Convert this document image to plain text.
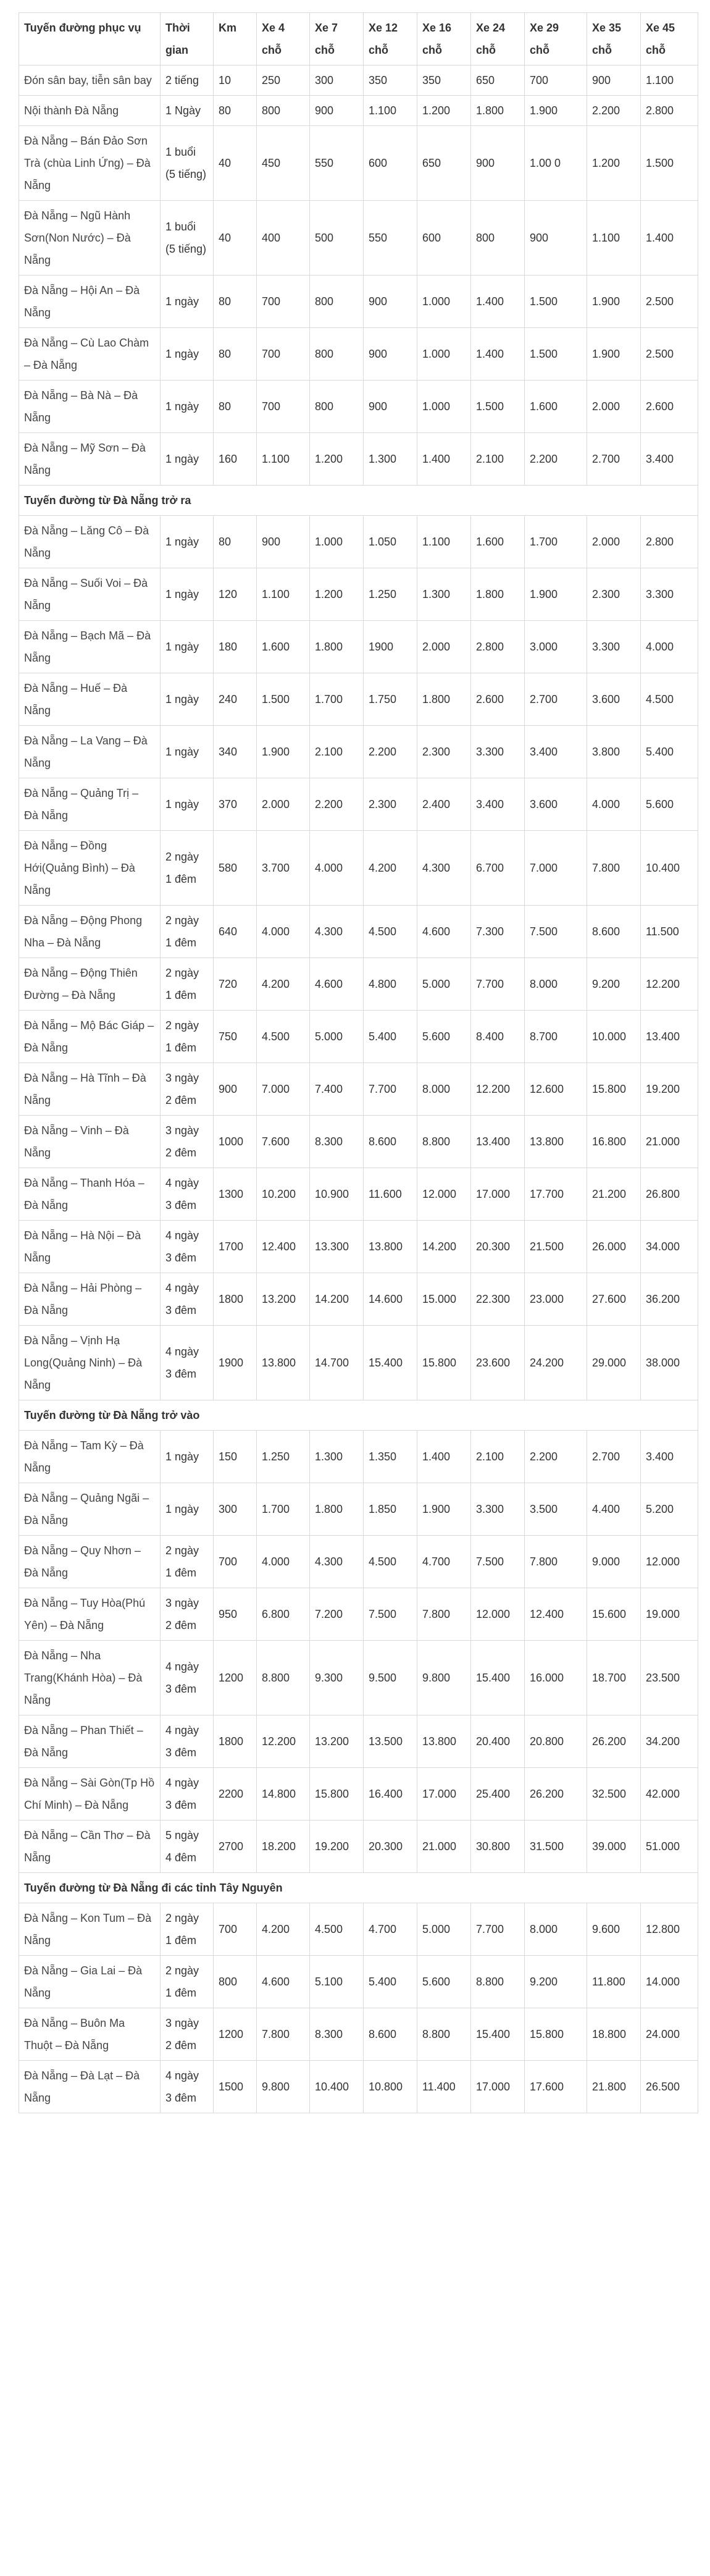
Tuyến đường phục vụ	Thời gian	Km	Xe 4 chỗ	Xe 7 chỗ	Xe 12 chỗ	Xe 16 chỗ	Xe 24 chỗ	Xe 29 chỗ	Xe 35 chỗ	Xe 45 chỗ
Đón sân bay, tiễn sân bay	2 tiếng	10	250	300	350	350	650	700	900	1.100
Nội thành Đà Nẵng	1 Ngày	80	800	900	1.100	1.200	1.800	1.900	2.200	2.800
Đà Nẵng – Bán Đảo Sơn Trà (chùa Linh Ứng) – Đà Nẵng	1 buổi (5 tiếng)	40	450	550	600	650	900	1.00 0	1.200	1.500
Đà Nẵng – Ngũ Hành Sơn(Non Nước) – Đà Nẵng	1 buổi (5 tiếng)	40	400	500	550	600	800	900	1.100	1.400
Đà Nẵng – Hội An – Đà Nẵng	1 ngày	80	700	800	900	1.000	1.400	1.500	1.900	2.500
Đà Nẵng – Cù Lao Chàm – Đà Nẵng	1 ngày	80	700	800	900	1.000	1.400	1.500	1.900	2.500
Đà Nẵng – Bà Nà – Đà Nẵng	1 ngày	80	700	800	900	1.000	1.500	1.600	2.000	2.600
Đà Nẵng – Mỹ Sơn – Đà Nẵng	1 ngày	160	1.100	1.200	1.300	1.400	2.100	2.200	2.700	3.400
Tuyến đường từ Đà Nẵng trở ra										
Đà Nẵng – Lăng Cô – Đà Nẵng	1 ngày	80	900	1.000	1.050	1.100	1.600	1.700	2.000	2.800
Đà Nẵng – Suối Voi – Đà Nẵng	1 ngày	120	1.100	1.200	1.250	1.300	1.800	1.900	2.300	3.300
Đà Nẵng – Bạch Mã – Đà Nẵng	1 ngày	180	1.600	1.800	1900	2.000	2.800	3.000	3.300	4.000
Đà Nẵng – Huế – Đà Nẵng	1 ngày	240	1.500	1.700	1.750	1.800	2.600	2.700	3.600	4.500
Đà Nẵng – La Vang – Đà Nẵng	1 ngày	340	1.900	2.100	2.200	2.300	3.300	3.400	3.800	5.400
Đà Nẵng – Quảng Trị – Đà Nẵng	1 ngày	370	2.000	2.200	2.300	2.400	3.400	3.600	4.000	5.600
Đà Nẵng – Đồng Hới(Quảng Bình) – Đà Nẵng	2 ngày 1 đêm	580	3.700	4.000	4.200	4.300	6.700	7.000	7.800	10.400
Đà Nẵng – Động Phong Nha – Đà Nẵng	2 ngày 1 đêm	640	4.000	4.300	4.500	4.600	7.300	7.500	8.600	11.500
Đà Nẵng – Động Thiên Đường – Đà Nẵng	2 ngày 1 đêm	720	4.200	4.600	4.800	5.000	7.700	8.000	9.200	12.200
Đà Nẵng – Mộ Bác Giáp – Đà Nẵng	2 ngày 1 đêm	750	4.500	5.000	5.400	5.600	8.400	8.700	10.000	13.400
Đà Nẵng – Hà Tĩnh – Đà Nẵng	3 ngày 2 đêm	900	7.000	7.400	7.700	8.000	12.200	12.600	15.800	19.200
Đà Nẵng – Vinh – Đà Nẵng	3 ngày 2 đêm	1000	7.600	8.300	8.600	8.800	13.400	13.800	16.800	21.000
Đà Nẵng – Thanh Hóa – Đà Nẵng	4 ngày 3 đêm	1300	10.200	10.900	11.600	12.000	17.000	17.700	21.200	26.800
Đà Nẵng – Hà Nội – Đà Nẵng	4 ngày 3 đêm	1700	12.400	13.300	13.800	14.200	20.300	21.500	26.000	34.000
Đà Nẵng – Hải Phòng – Đà Nẵng	4 ngày 3 đêm	1800	13.200	14.200	14.600	15.000	22.300	23.000	27.600	36.200
Đà Nẵng – Vịnh Hạ Long(Quảng Ninh) – Đà Nẵng	4 ngày 3 đêm	1900	13.800	14.700	15.400	15.800	23.600	24.200	29.000	38.000
Tuyến đường từ Đà Nẵng trở vào										
Đà Nẵng – Tam Kỳ – Đà Nẵng	1 ngày	150	1.250	1.300	1.350	1.400	2.100	2.200	2.700	3.400
Đà Nẵng – Quảng Ngãi – Đà Nẵng	1 ngày	300	1.700	1.800	1.850	1.900	3.300	3.500	4.400	5.200
Đà Nẵng – Quy Nhơn – Đà Nẵng	2 ngày 1 đêm	700	4.000	4.300	4.500	4.700	7.500	7.800	9.000	12.000
Đà Nẵng – Tuy Hòa(Phú Yên) – Đà Nẵng	3 ngày 2 đêm	950	6.800	7.200	7.500	7.800	12.000	12.400	15.600	19.000
Đà Nẵng – Nha Trang(Khánh Hòa) – Đà Nẵng	4 ngày 3 đêm	1200	8.800	9.300	9.500	9.800	15.400	16.000	18.700	23.500
Đà Nẵng – Phan Thiết – Đà Nẵng	4 ngày 3 đêm	1800	12.200	13.200	13.500	13.800	20.400	20.800	26.200	34.200
Đà Nẵng – Sài Gòn(Tp Hồ Chí Minh) – Đà Nẵng	4 ngày 3 đêm	2200	14.800	15.800	16.400	17.000	25.400	26.200	32.500	42.000
Đà Nẵng – Cần Thơ – Đà Nẵng	5 ngày 4 đêm	2700	18.200	19.200	20.300	21.000	30.800	31.500	39.000	51.000
Tuyến đường từ Đà Nẵng đi các tỉnh Tây Nguyên										
Đà Nẵng – Kon Tum – Đà Nẵng	2 ngày 1 đêm	700	4.200	4.500	4.700	5.000	7.700	8.000	9.600	12.800
Đà Nẵng – Gia Lai – Đà Nẵng	2 ngày 1 đêm	800	4.600	5.100	5.400	5.600	8.800	9.200	11.800	14.000
Đà Nẵng – Buôn Ma Thuột – Đà Nẵng	3 ngày 2 đêm	1200	7.800	8.300	8.600	8.800	15.400	15.800	18.800	24.000
Đà Nẵng – Đà Lạt – Đà Nẵng	4 ngày 3 đêm	1500	9.800	10.400	10.800	11.400	17.000	17.600	21.800	26.500
